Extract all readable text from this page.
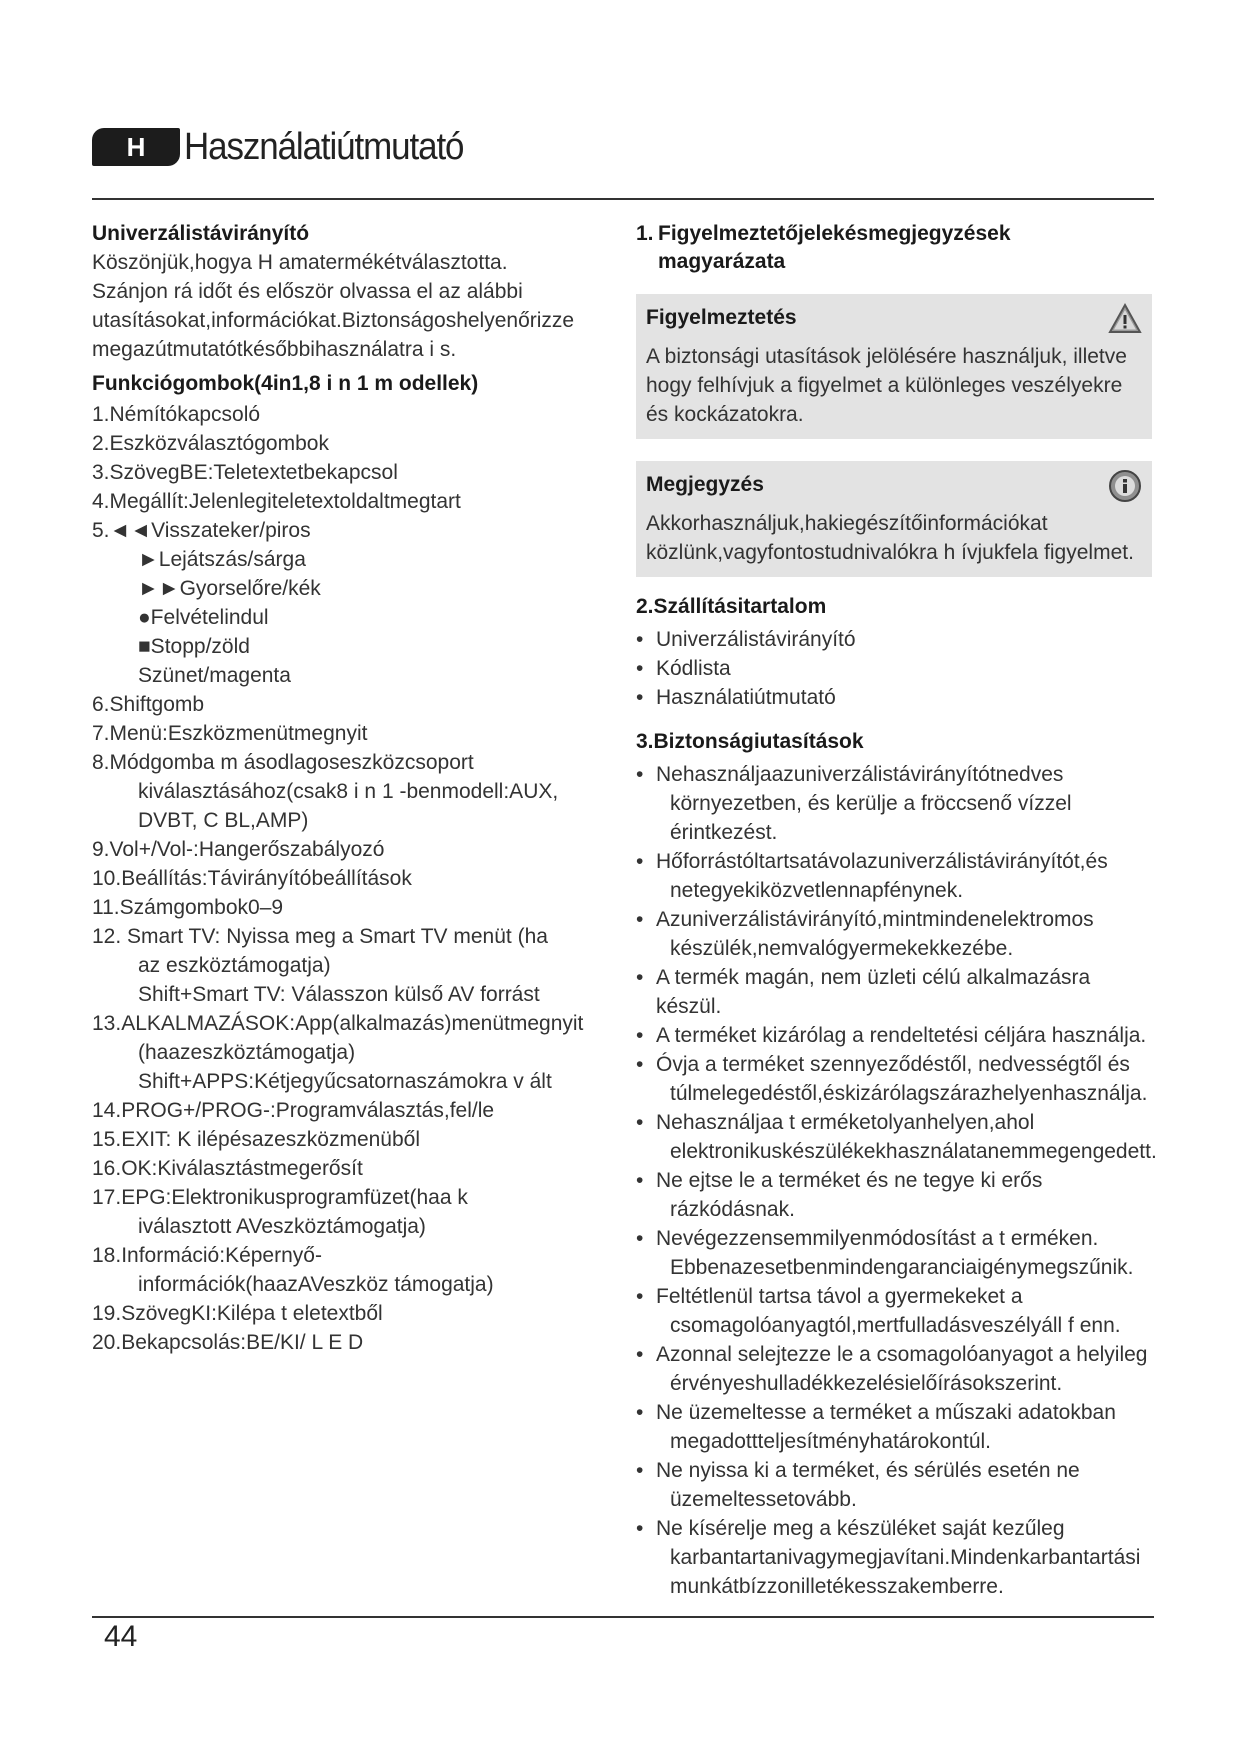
H	Használatiútmutató
Univerzálistávirányító
Köszönjük,hogya H amatermékétválasztotta.
Szánjon rá időt és először olvassa el az alábbi
utasításokat,információkat.Biztonságoshelyenőrizze
megazútmutatótkésőbbihasználatra i s.
Funkciógombok(4in1,8 i n 1 m odellek)
1.Némítókapcsoló
2.Eszközválasztógombok
3.SzövegBE:Teletextetbekapcsol
4.Megállít:Jelenlegiteletextoldaltmegtart
5.◄◄Visszateker/piros
►Lejátszás/sárga
►►Gyorselőre/kék
●Felvételindul
■Stopp/zöld
Szünet/magenta
6.Shiftgomb
7.Menü:Eszközmenütmegnyit
8.Módgomba m ásodlagoseszközcsoport kiválasztásához(csak8 i n 1 -benmodell:AUX, DVBT, C BL,AMP)
9.Vol+/Vol-:Hangerőszabályozó
10.Beállítás:Távirányítóbeállítások
11.Számgombok0–9
12. Smart TV: Nyissa meg a Smart TV menüt (ha az eszköztámogatja)
Shift+Smart TV: Válasszon külső AV forrást
13.ALKALMAZÁSOK:App(alkalmazás)menütmegnyit (haazeszköztámogatja)
Shift+APPS:Kétjegyűcsatornaszámokra v ált
14.PROG+/PROG-:Programválasztás,fel/le
15.EXIT: K ilépésazeszközmenüből
16.OK:Kiválasztástmegerősít
17.EPG:Elektronikusprogramfüzet(haa k iválasztott AVeszköztámogatja)
18.Információ:Képernyő-információk(haazAVeszköz támogatja)
19.SzövegKI:Kilépa t eletextből
20.Bekapcsolás:BE/KI/ L E D
1. Figyelmeztetőjelekésmegjegyzések
magyarázata
Figyelmeztetés
A biztonsági utasítások jelölésére használjuk, illetve hogy felhívjuk a figyelmet a különleges veszélyekre és kockázatokra.
Megjegyzés
Akkorhasználjuk,hakiegészítőinformációkat közlünk,vagyfontostudnivalókra h ívjukfela figyelmet.
2.Szállításitartalom
• Univerzálistávirányító
• Kódlista
• Használatiútmutató
3.Biztonságiutasítások
• Nehasználjaazuniverzálistávirányítótnedves
környezetben, és kerülje a fröccsenő vízzel érintkezést.
• Hőforrástóltartsatávolazuniverzálistávirányítót,és
netegyekiközvetlennapfénynek.
• Azuniverzálistávirányító,mintmindenelektromos
készülék,nemvalógyermekekkezébe.
• A termék magán, nem üzleti célú alkalmazásra készül.
• A terméket kizárólag a rendeltetési céljára használja.
• Óvja a terméket szennyeződéstől, nedvességtől és
túlmelegedéstől,éskizárólagszárazhelyenhasználja.
• Nehasználjaa t erméketolyanhelyen,ahol
elektronikuskészülékekhasználatanemmegengedett.
• Ne ejtse le a terméket és ne tegye ki erős
rázkódásnak.
• Nevégezzensemmilyenmódosítást a t erméken.
Ebbenazesetbenmindengaranciaigénymegszűnik.
• Feltétlenül tartsa távol a gyermekeket a
csomagolóanyagtól,mertfulladásveszélyáll f enn.
• Azonnal selejtezze le a csomagolóanyagot a helyileg
érvényeshulladékkezelésielőírásokszerint.
• Ne üzemeltesse a terméket a műszaki adatokban
megadottteljesítményhatárokontúl.
• Ne nyissa ki a terméket, és sérülés esetén ne
üzemeltessetovább.
• Ne kísérelje meg a készüléket saját kezűleg
karbantartanivagymegjavítani.Mindenkarbantartási munkátbízzonilletékesszakemberre.
44
